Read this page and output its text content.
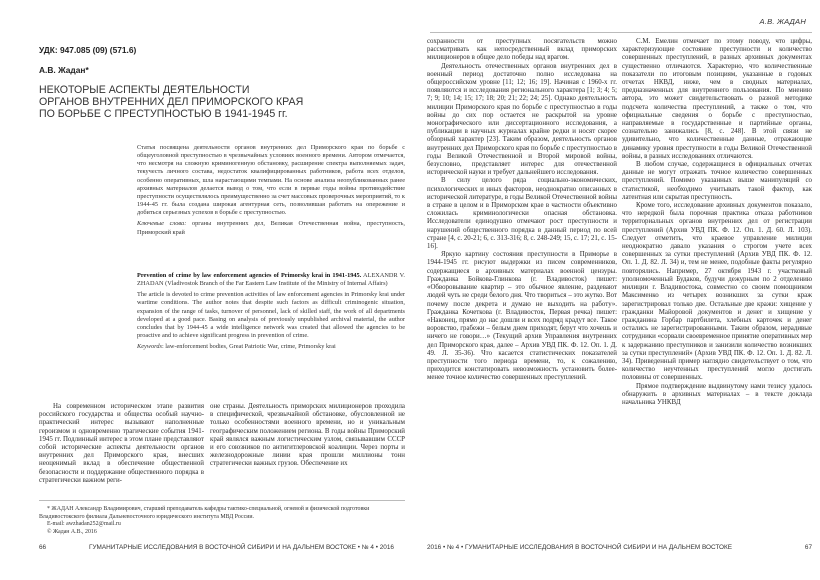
УДК: 947.085 (09) (571.6)
А.В. Жадан*
НЕКОТОРЫЕ АСПЕКТЫ ДЕЯТЕЛЬНОСТИ
ОРГАНОВ ВНУТРЕННИХ ДЕЛ ПРИМОРСКОГО КРАЯ
ПО БОРЬБЕ С ПРЕСТУПНОСТЬЮ В 1941-1945 гг.

Статья посвящена деятельности органов внутренних дел Приморского края по борьбе с общеуголовной преступностью в чрезвычайных условиях военного времени. Автором отмечается, что несмотря на сложную криминогенную обстановку, расширение спектра выполняемых задач, текучесть личного состава, недостаток квалифицированных работников, работа всех отделов, особенно оперативных, шла нарастающими темпами. На основе анализа неопубликованных ранее архивных материалов делается вывод о том, что если в первые годы войны противодействие преступности осуществлялось преимущественно за счет массовых проверочных мероприятий, то к 1944-45 гг. была создана широкая агентурная сеть, позволившая работать на опережение и добиться серьезных успехов в борьбе с преступностью.

Ключевые слова: органы внутренних дел, Великая Отечественная война, преступность, Приморский край

Prevention of crime by law enforcement agencies of Primorsky krai in 1941-1945. ALEXANDR V. ZHADAN (Vladivostok Branch of the Far Eastern Law Institute of the Ministry of Internal Affairs)

The article is devoted to crime prevention activities of law enforcement agencies in Primorsky krai under wartime conditions. The author notes that despite such factors as difficult criminogenic situation, expansion of the range of tasks, turnover of personnel, lack of skilled staff, the work of all departments developed at a good pace. Basing on analysis of previously unpublished archival material, the author concludes that by 1944-45 a wide intelligence network was created that allowed the agencies to be proactive and to achieve significant progress in prevention of crime.

Keywords: law-enforcement bodies, Great Patriotic War, crime, Primorsky krai

На современном историческом этапе развития российского государства и общества особый научно-практический интерес вызывают наполненные героизмом и одновременно трагические события 1941-1945 гг. Подлинный интерес в этом плане представляют собой исторические аспекты деятельности органов внутренних дел Приморского края, внесших неоценимый вклад в обеспечение общественной безопасности и поддержание общественного порядка в стратегически важном реги-

оне страны. Деятельность приморских милиционеров проходила в специфической, чрезвычайной обстановке, обусловленной не только особенностями военного времени, но и уникальным географическим положением региона. В годы войны Приморский край являлся важным логистическим узлом, связывавшим СССР и его союзников по антигитлеровской коалиции. Через порты и железнодорожные линии края прошли миллионы тонн стратегически важных грузов. Обеспечение их

* ЖАДАН Александр Владимирович, старший преподаватель кафедры тактико-специальной, огневой и физической подготовки Владивостокского филиала Дальневосточного юридического института МВД России.

E-mail: awzhadan252@mail.ru

© Жадан А.В., 2016

66	ГУМАНИТАРНЫЕ ИССЛЕДОВАНИЯ В ВОСТОЧНОЙ СИБИРИ И НА ДАЛЬНЕМ ВОСТОКЕ • № 4 • 2016
А.В. ЖАДАН

сохранности от преступных посягательств можно рассматривать как непосредственный вклад приморских милиционеров в общее дело победы над врагом.

Деятельность отечественных органов внутренних дел в военный период достаточно полно исследована на общероссийском уровне [11; 12; 16; 19]. Начиная с 1960-х гг. появляются и исследования регионального характера [1; 3; 4; 5; 7; 9; 10; 14; 15; 17; 18; 20; 21; 22; 24; 25]. Однако деятельность милиции Приморского края по борьбе с преступностью в годы войны до сих пор остается не раскрытой на уровне монографического или диссертационного исследования, а публикации в научных журналах крайне редки и носят скорее обзорный характер [23]. Таким образом, деятельность органов внутренних дел Приморского края по борьбе с преступностью в годы Великой Отечественной и Второй мировой войны, безусловно, представляет интерес для отечественной исторической науки и требует дальнейшего исследования.

В силу целого ряда социально-экономических, психологических и иных факторов, неоднократно описанных в исторической литературе, в годы Великой Отечественной войны в стране в целом и в Приморском крае в частности объективно сложилась криминологически опасная обстановка. Исследователи единодушно отмечают рост преступности и нарушений общественного порядка в данный период по всей стране [4, с. 20-21; 6, с. 313-316; 8, с. 248-249; 15, с. 17; 21, с. 15-16].

Яркую картину состояния преступности в Приморье в 1944-1945 гг. рисуют выдержки из писем современников, содержащиеся в архивных материалах военной цензуры. Гражданка Бойкова-Глинкова (г. Владивосток) пишет: «Обворовывание квартир – это обычное явление, раздевают людей чуть не среди белого дня. Что твориться – это жутко. Вот почему после декрета и думаю не выходить на работу». Гражданка Кочеткова (г. Владивосток, Первая речка) пишет: «Наконец, прямо до нас дошли и всех подряд крадут все. Такое воровство, грабежи – белым днем приходят, берут что хочешь и ничего не говори…» (Текущий архив Управления внутренних дел Приморского края, далее – Архив УВД ПК. Ф. 12. Оп. 1. Д. 49. Л. 35-36). Что касается статистических показателей преступности того периода времени, то, к сожалению, приходится констатировать невозможность установить более-менее точное количество совершенных преступлений.

С.М. Емелин отмечает по этому поводу, что цифры, характеризующие состояние преступности и количество совершенных преступлений, в разных архивных документах существенно отличаются. Характерно, что количественные показатели по итоговым позициям, указанные в годовых отчетах НКВД, ниже, чем в сводных материалах, предназначенных для внутреннего пользования. По мнению автора, это может свидетельствовать о разной методике подсчета количества преступлений, а также о том, что официальные сведения о борьбе с преступностью, направляемые в государственные и партийные органы, сознательно занижались [8, с. 248]. В этой связи не удивительно, что количественные данные, отражающие динамику уровня преступности в годы Великой Отечественной войны, в разных исследованиях отличаются.

В любом случае, содержащиеся в официальных отчетах данные не могут отражать точное количество совершенных преступлений. Помимо указанных выше манипуляций со статистикой, необходимо учитывать такой фактор, как латентная или скрытая преступность.

Кроме того, исследование архивных документов показало, что нередкой была порочная практика отказа работников территориальных органов внутренних дел от регистрации преступлений (Архив УВД ПК. Ф. 12. Оп. 1. Д. 60. Л. 103). Следует отметить, что краевое управление милиции неоднократно давало указания о строгом учете всех совершенных за сутки преступлений (Архив УВД ПК. Ф. 12. Оп. 1. Д. 82. Л. 34) и, тем не менее, подобные факты регулярно повторялись. Например, 27 октября 1943 г. участковый уполномоченный Будаков, будучи дежурным по 2 отделению милиции г. Владивостока, совместно со своим помощником Максименко из четырех возникших за сутки краж зарегистрировал только две. Остальные две кражи: хищение у гражданки Майоровой документов и денег и хищение у гражданина Горбар партбилета, хлебных карточек и денег остались не зарегистрированными. Таким образом, нерадивые сотрудники «сорвали своевременное принятие оперативных мер к задержанию преступников и занизили количество возникших за сутки преступлений» (Архив УВД ПК. Ф. 12. Оп. 1. Д. 82. Л. 34). Приведенный пример наглядно свидетельствует о том, что количество неучтенных преступлений могло достигать половины от совершенных.

Прямое подтверждение выдвинутому нами тезису удалось обнаружить в архивных материалах – в тексте доклада начальника УНКВД

2016 • № 4 • ГУМАНИТАРНЫЕ ИССЛЕДОВАНИЯ В ВОСТОЧНОЙ СИБИРИ И НА ДАЛЬНЕМ ВОСТОКЕ	67
